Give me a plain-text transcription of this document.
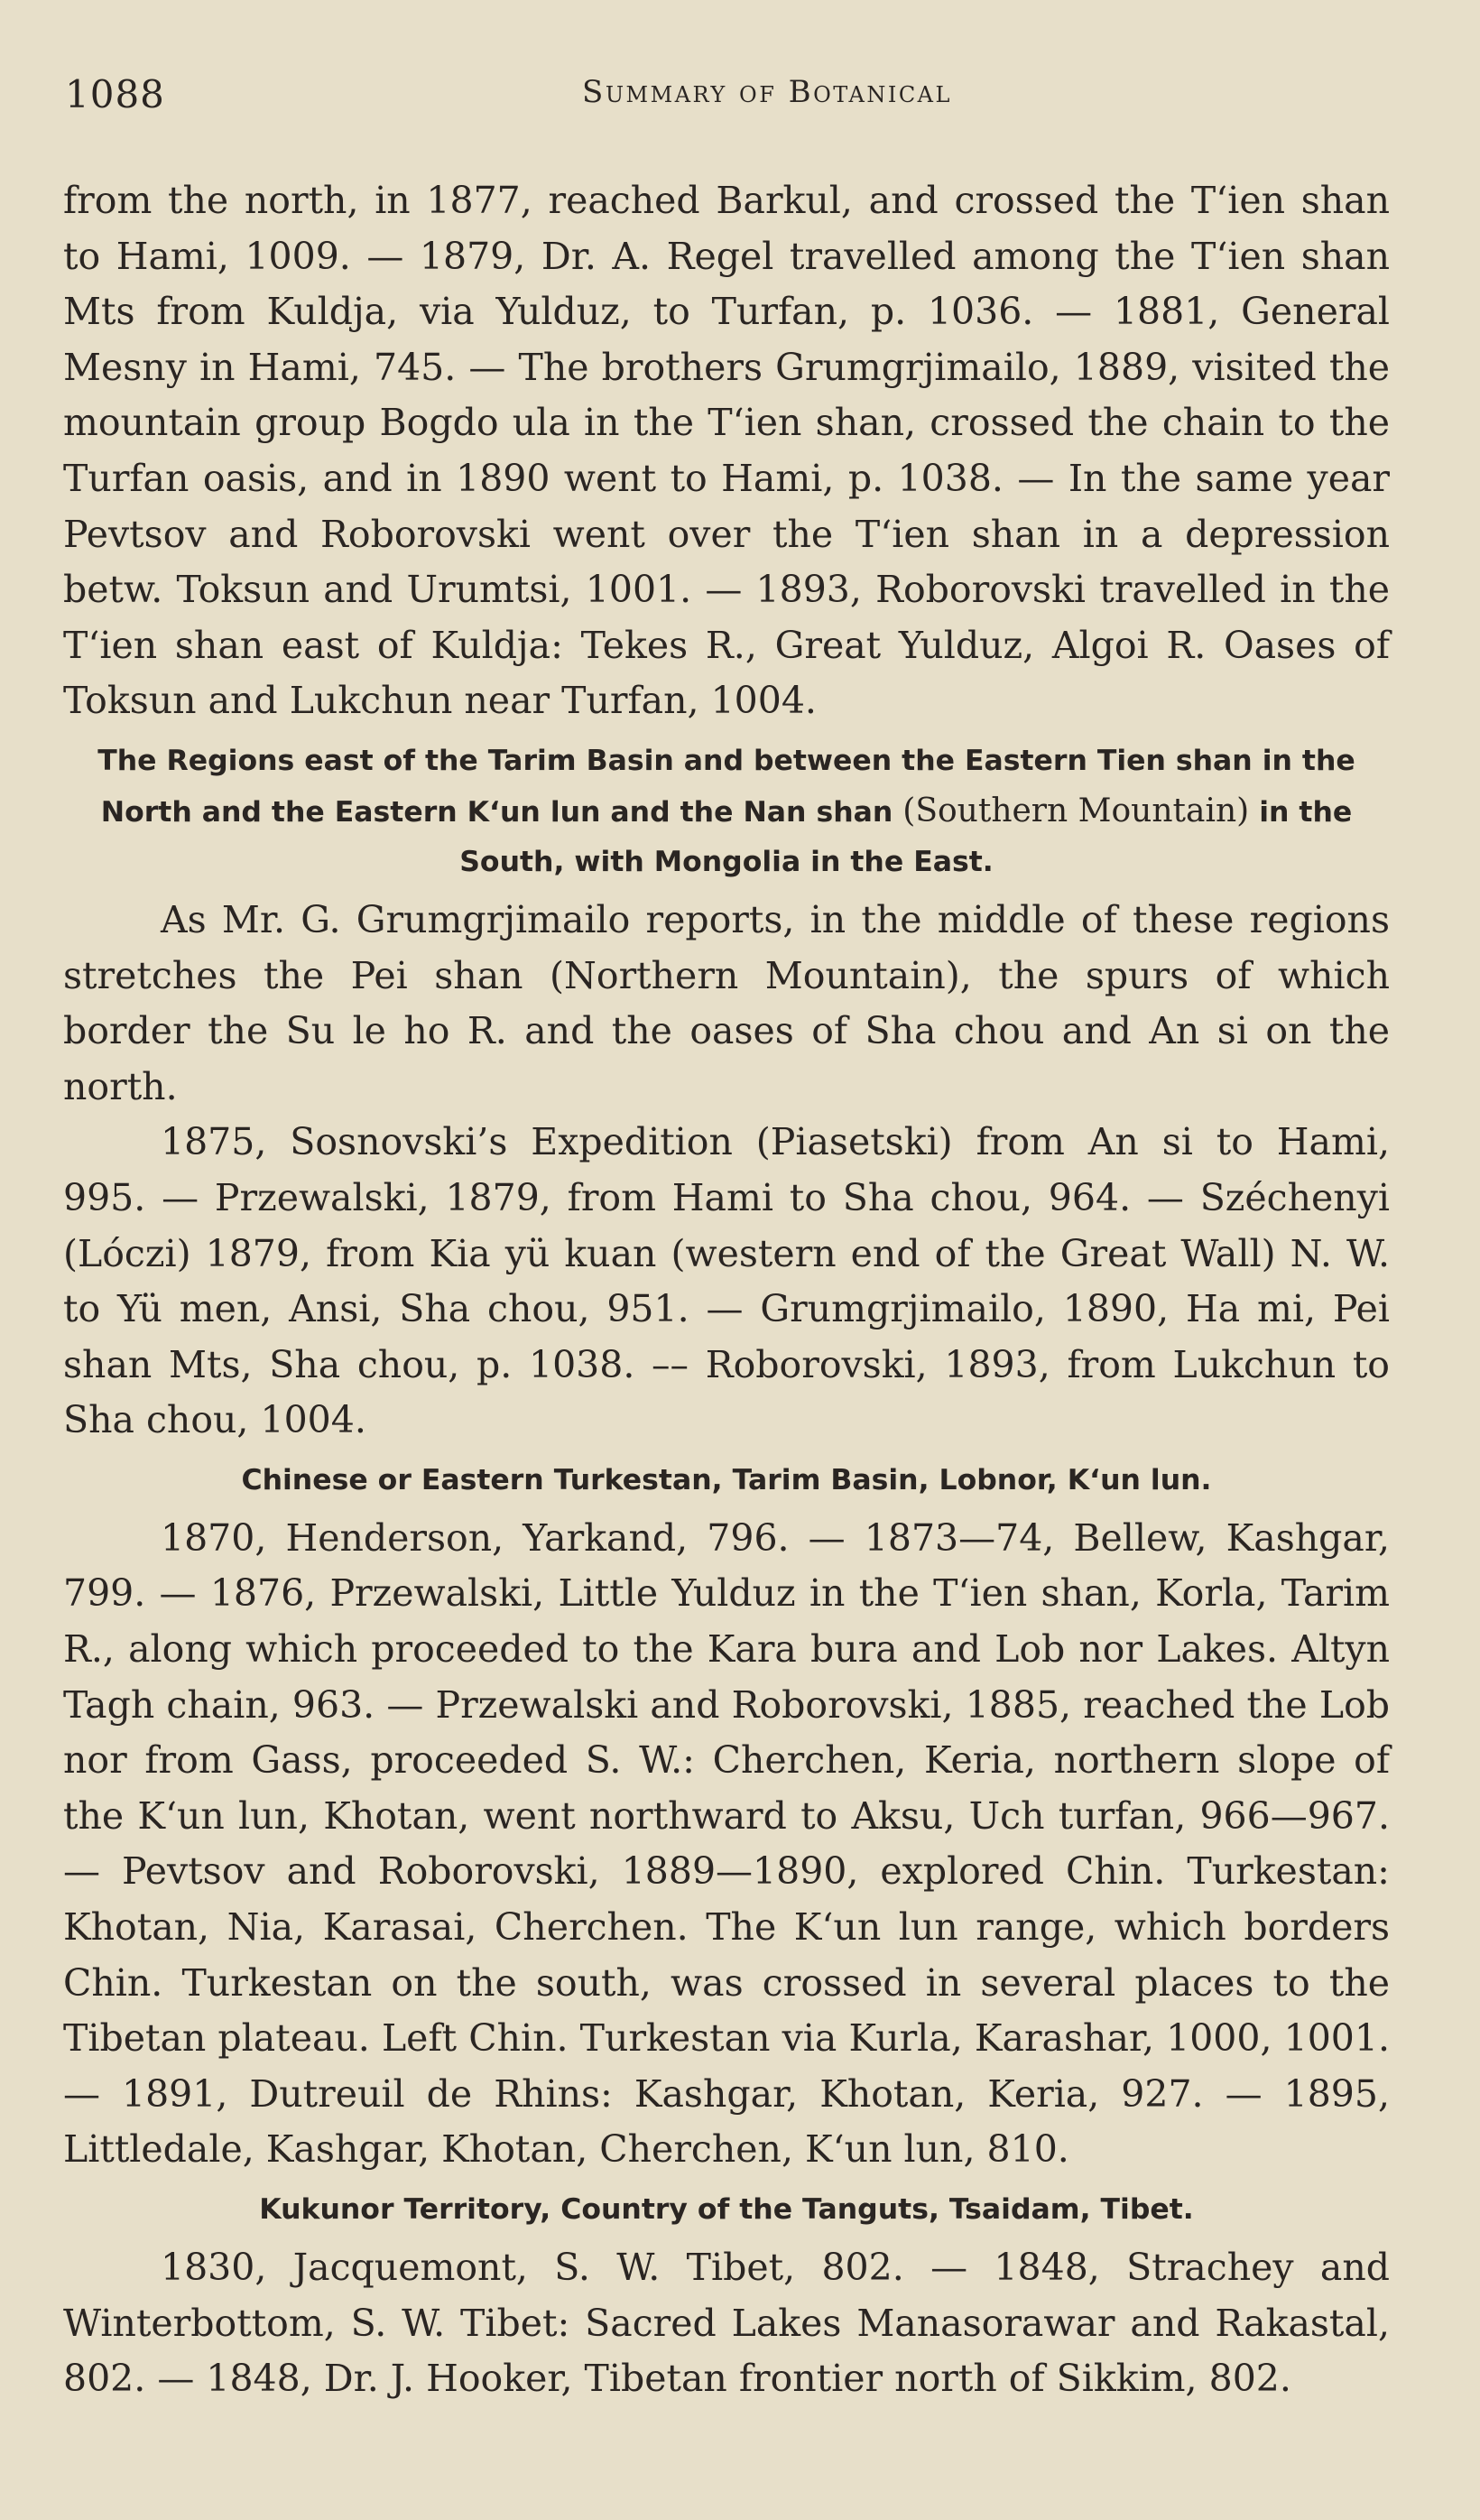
1088	Summary of Botanical

from the north, in 1877, reached Barkul, and crossed the Tʻien shan to Hami, 1009. — 1879, Dr. A. Regel travelled among the Tʻien shan Mts from Kuldja, via Yulduz, to Turfan, p. 1036. — 1881, General Mesny in Hami, 745. — The brothers Grumgrjimailo, 1889, visited the mountain group Bogdo ula in the Tʻien shan, crossed the chain to the Turfan oasis, and in 1890 went to Hami, p. 1038. — In the same year Pevtsov and Roborovski went over the Tʻien shan in a depression betw. Toksun and Urumtsi, 1001. — 1893, Roborovski travelled in the Tʻien shan east of Kuldja: Tekes R., Great Yulduz, Algoi R. Oases of Toksun and Lukchun near Turfan, 1004.

The Regions east of the Tarim Basin and between the Eastern Tien shan in the North and the Eastern Kʻun lun and the Nan shan (Southern Mountain) in the South, with Mongolia in the East.

As Mr. G. Grumgrjimailo reports, in the middle of these regions stretches the Pei shan (Northern Mountain), the spurs of which border the Su le ho R. and the oases of Sha chou and An si on the north.

1875, Sosnovski’s Expedition (Piasetski) from An si to Hami, 995. — Przewalski, 1879, from Hami to Sha chou, 964. — Széchenyi (Lóczi) 1879, from Kia yü kuan (western end of the Great Wall) N. W. to Yü men, Ansi, Sha chou, 951. — Grumgrjimailo, 1890, Ha mi, Pei shan Mts, Sha chou, p. 1038. –– Roborovski, 1893, from Lukchun to Sha chou, 1004.

Chinese or Eastern Turkestan, Tarim Basin, Lobnor, Kʻun lun.

1870, Henderson, Yarkand, 796. — 1873—74, Bellew, Kashgar, 799. — 1876, Przewalski, Little Yulduz in the Tʻien shan, Korla, Tarim R., along which proceeded to the Kara bura and Lob nor Lakes. Altyn Tagh chain, 963. — Przewalski and Roborovski, 1885, reached the Lob nor from Gass, proceeded S. W.: Cherchen, Keria, northern slope of the Kʻun lun, Khotan, went northward to Aksu, Uch turfan, 966—967. — Pevtsov and Roborovski, 1889—1890, explored Chin. Turkestan: Khotan, Nia, Karasai, Cherchen. The Kʻun lun range, which borders Chin. Turkestan on the south, was crossed in several places to the Tibetan plateau. Left Chin. Turkestan via Kurla, Karashar, 1000, 1001. — 1891, Dutreuil de Rhins: Kashgar, Khotan, Keria, 927. — 1895, Littledale, Kashgar, Khotan, Cherchen, Kʻun lun, 810.

Kukunor Territory, Country of the Tanguts, Tsaidam, Tibet.

1830, Jacquemont, S. W. Tibet, 802. — 1848, Strachey and Winterbottom, S. W. Tibet: Sacred Lakes Manasorawar and Rakastal, 802. — 1848, Dr. J. Hooker, Tibetan frontier north of Sikkim, 802.
